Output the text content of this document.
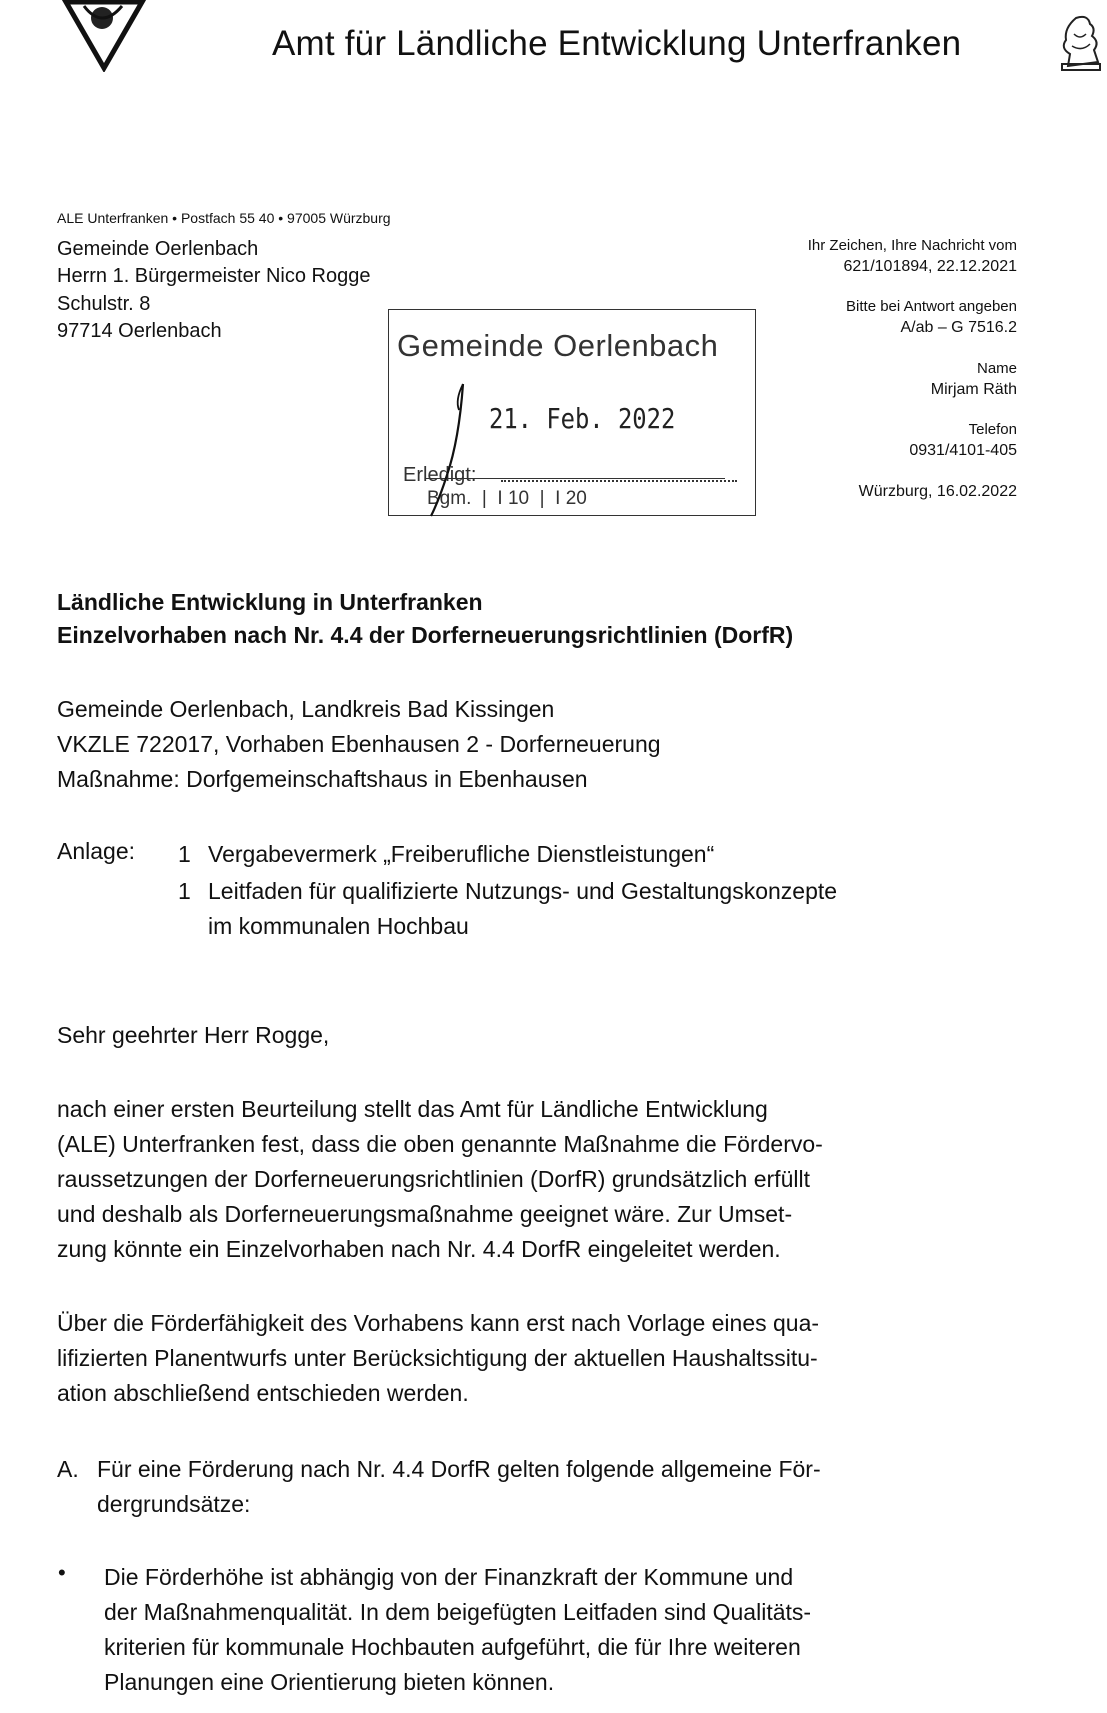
Amt für Ländliche Entwicklung Unterfranken
ALE Unterfranken • Postfach 55 40 • 97005 Würzburg
Gemeinde Oerlenbach
Herrn 1. Bürgermeister Nico Rogge
Schulstr. 8
97714 Oerlenbach
Ihr Zeichen, Ihre Nachricht vom
621/101894, 22.12.2021
Bitte bei Antwort angeben
A/ab – G 7516.2
Name
Mirjam Räth
Telefon
0931/4101-405
Würzburg, 16.02.2022
Gemeinde Oerlenbach
21. Feb. 2022
Erledigt:
Bgm.  |  I 10  |  I 20
Ländliche Entwicklung in Unterfranken
Einzelvorhaben nach Nr. 4.4 der Dorferneuerungsrichtlinien (DorfR)
Gemeinde Oerlenbach, Landkreis Bad Kissingen
VKZLE 722017, Vorhaben Ebenhausen 2 - Dorferneuerung
Maßnahme: Dorfgemeinschaftshaus in Ebenhausen
Anlage: 1 Vergabevermerk „Freiberufliche Dienstleistungen“
1 Leitfaden für qualifizierte Nutzungs- und Gestaltungskonzepte
im kommunalen Hochbau
Sehr geehrter Herr Rogge,
nach einer ersten Beurteilung stellt das Amt für Ländliche Entwicklung
(ALE) Unterfranken fest, dass die oben genannte Maßnahme die Fördervo-
raussetzungen der Dorferneuerungsrichtlinien (DorfR) grundsätzlich erfüllt
und deshalb als Dorferneuerungsmaßnahme geeignet wäre. Zur Umset-
zung könnte ein Einzelvorhaben nach Nr. 4.4 DorfR eingeleitet werden.
Über die Förderfähigkeit des Vorhabens kann erst nach Vorlage eines qua-
lifizierten Planentwurfs unter Berücksichtigung der aktuellen Haushaltssitu-
ation abschließend entschieden werden.
A. Für eine Förderung nach Nr. 4.4 DorfR gelten folgende allgemeine För-
dergrundsätze:
• Die Förderhöhe ist abhängig von der Finanzkraft der Kommune und
der Maßnahmenqualität. In dem beigefügten Leitfaden sind Qualitäts-
kriterien für kommunale Hochbauten aufgeführt, die für Ihre weiteren
Planungen eine Orientierung bieten können.
